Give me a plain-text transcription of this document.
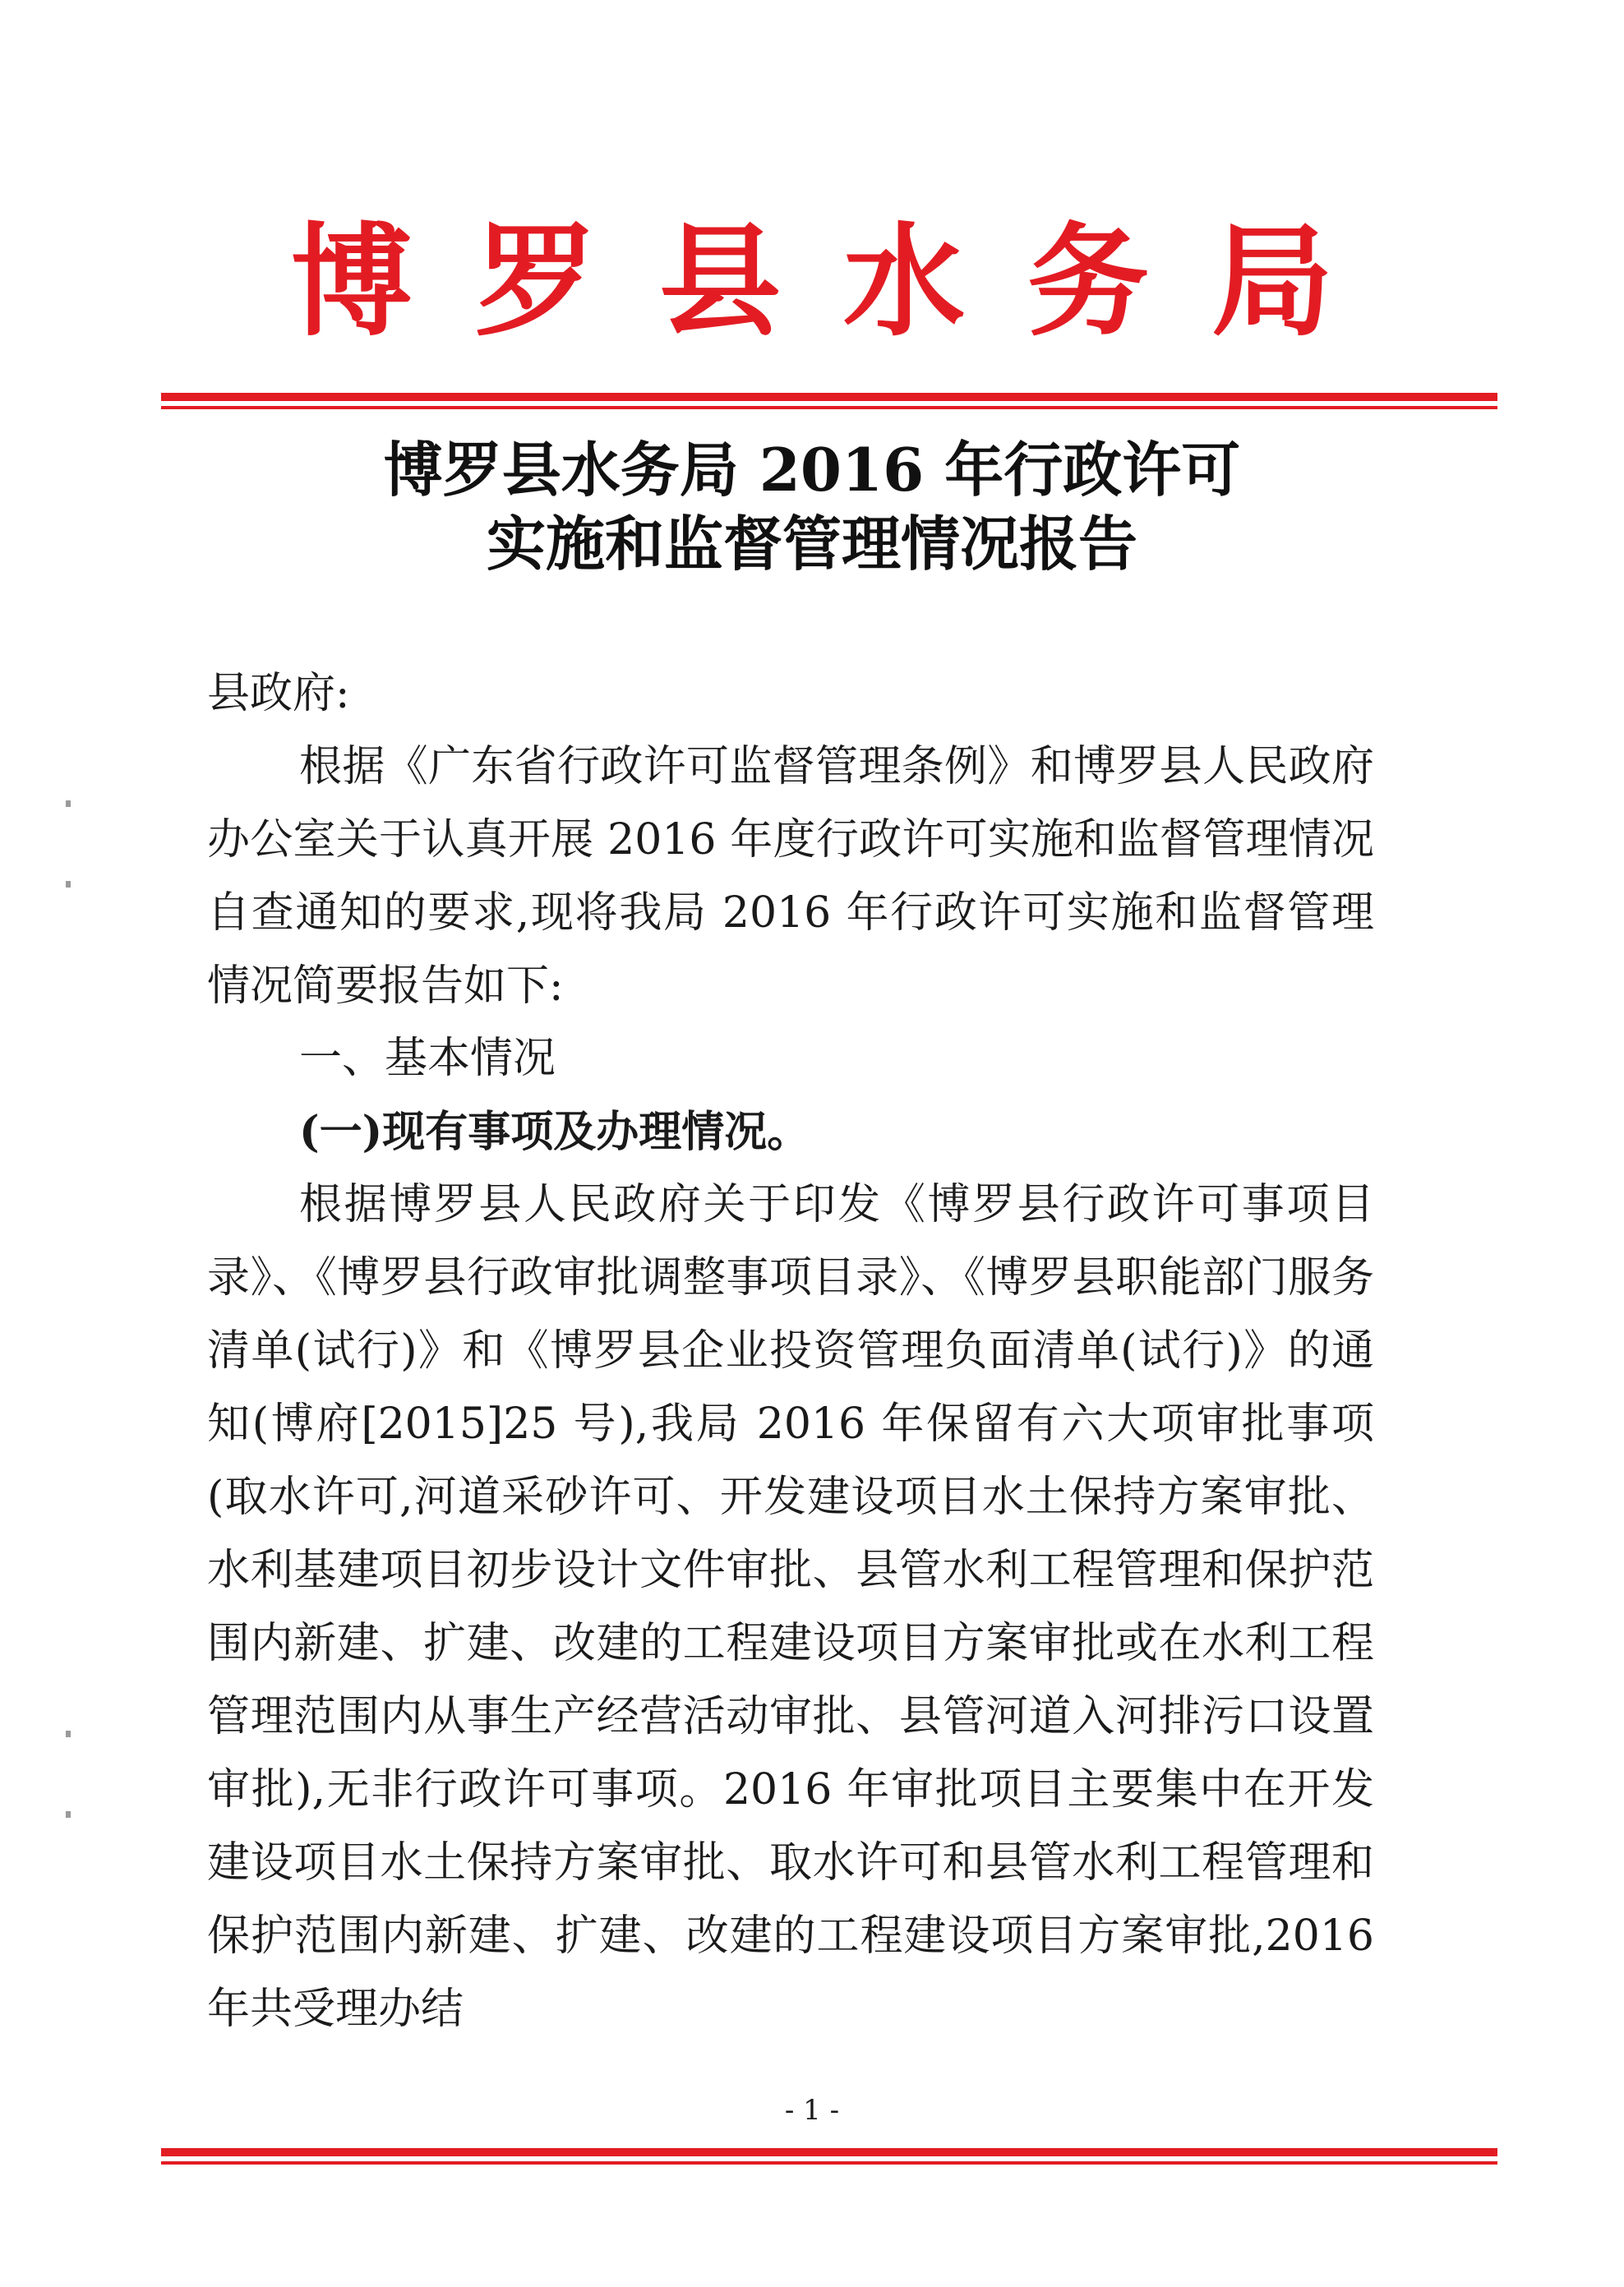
博罗县水务局
博罗县水务局 2016 年行政许可
实施和监督管理情况报告
县政府:

根据《广东省行政许可监督管理条例》和博罗县人民政府办公室关于认真开展 2016 年度行政许可实施和监督管理情况自查通知的要求,现将我局 2016 年行政许可实施和监督管理情况简要报告如下:

一、基本情况
(一)现有事项及办理情况。

根据博罗县人民政府关于印发《博罗县行政许可事项目录》、《博罗县行政审批调整事项目录》、《博罗县职能部门服务清单(试行)》和《博罗县企业投资管理负面清单(试行)》的通知(博府[2015]25 号),我局 2016 年保留有六大项审批事项(取水许可,河道采砂许可、开发建设项目水土保持方案审批、水利基建项目初步设计文件审批、县管水利工程管理和保护范围内新建、扩建、改建的工程建设项目方案审批或在水利工程管理范围内从事生产经营活动审批、县管河道入河排污口设置审批),无非行政许可事项。2016 年审批项目主要集中在开发建设项目水土保持方案审批、取水许可和县管水利工程管理和保护范围内新建、扩建、改建的工程建设项目方案审批,2016 年共受理办结

- 1 -
